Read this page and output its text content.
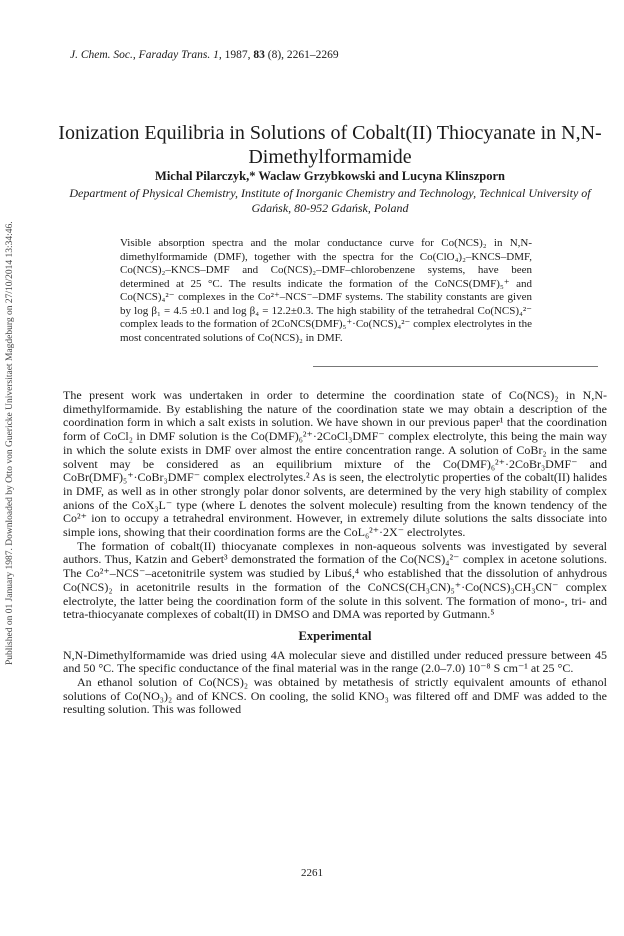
Published on 01 January 1987. Downloaded by Otto von Guericke Universitaet Magdeburg on 27/10/2014 13:34:46.
J. Chem. Soc., Faraday Trans. 1, 1987, 83 (8), 2261–2269
Ionization Equilibria in Solutions of Cobalt(II) Thiocyanate in N,N-Dimethylformamide
Michal Pilarczyk,* Waclaw Grzybkowski and Lucyna Klinszporn
Department of Physical Chemistry, Institute of Inorganic Chemistry and Technology, Technical University of Gdańsk, 80-952 Gdańsk, Poland
Visible absorption spectra and the molar conductance curve for Co(NCS)₂ in N,N-dimethylformamide (DMF), together with the spectra for the Co(ClO₄)₂–KNCS–DMF, Co(NCS)₂–KNCS–DMF and Co(NCS)₂–DMF–chlorobenzene systems, have been determined at 25 °C. The results indicate the formation of the CoNCS(DMF)₅⁺ and Co(NCS)₄²⁻ complexes in the Co²⁺–NCS⁻–DMF systems. The stability constants are given by log β₁ = 4.5 ±0.1 and log β₄ = 12.2±0.3. The high stability of the tetrahedral Co(NCS)₄²⁻ complex leads to the formation of 2CoNCS(DMF)₅⁺·Co(NCS)₄²⁻ complex electrolytes in the most concentrated solutions of Co(NCS)₂ in DMF.

The present work was undertaken in order to determine the coordination state of Co(NCS)₂ in N,N-dimethylformamide. By establishing the nature of the coordination state we may obtain a description of the coordination form in which a salt exists in solution. We have shown in our previous paper¹ that the coordination form of CoCl₂ in DMF solution is the Co(DMF)₆²⁺·2CoCl₃DMF⁻ complex electrolyte, this being the main way in which the solute exists in DMF over almost the entire concentration range. A solution of CoBr₂ in the same solvent may be considered as an equilibrium mixture of the Co(DMF)₆²⁺·2CoBr₃DMF⁻ and CoBr(DMF)₅⁺·CoBr₃DMF⁻ complex electrolytes.² As is seen, the electrolytic properties of the cobalt(II) halides in DMF, as well as in other strongly polar donor solvents, are determined by the very high stability of complex anions of the CoX₃L⁻ type (where L denotes the solvent molecule) resulting from the known tendency of the Co²⁺ ion to occupy a tetrahedral environment. However, in extremely dilute solutions the salts dissociate into simple ions, showing that their coordination forms are the CoL₆²⁺·2X⁻ electrolytes.

The formation of cobalt(II) thiocyanate complexes in non-aqueous solvents was investigated by several authors. Thus, Katzin and Gebert³ demonstrated the formation of the Co(NCS)₄²⁻ complex in acetone solutions. The Co²⁺–NCS⁻–acetonitrile system was studied by Libuś,⁴ who established that the dissolution of anhydrous Co(NCS)₂ in acetonitrile results in the formation of the CoNCS(CH₃CN)₅⁺·Co(NCS)₃CH₃CN⁻ complex electrolyte, the latter being the coordination form of the solute in this solvent. The formation of mono-, tri- and tetra-thiocyanate complexes of cobalt(II) in DMSO and DMA was reported by Gutmann.⁵

Experimental

N,N-Dimethylformamide was dried using 4A molecular sieve and distilled under reduced pressure between 45 and 50 °C. The specific conductance of the final material was in the range (2.0–7.0) 10⁻⁸ S cm⁻¹ at 25 °C.

An ethanol solution of Co(NCS)₂ was obtained by metathesis of strictly equivalent amounts of ethanol solutions of Co(NO₃)₂ and of KNCS. On cooling, the solid KNO₃ was filtered off and DMF was added to the resulting solution. This was followed

2261
